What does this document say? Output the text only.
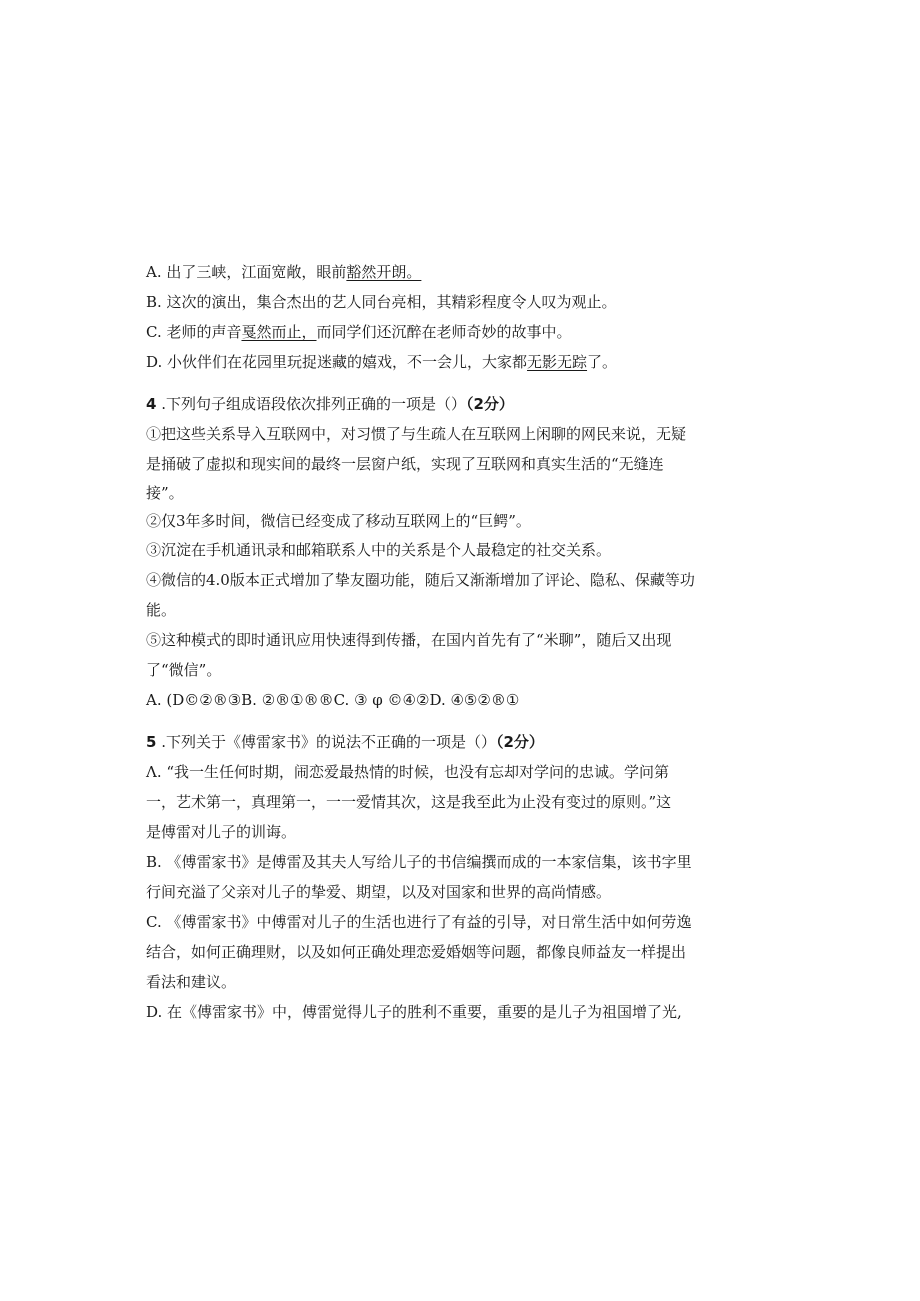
A. 出了三峡，江面宽敞，眼前豁然开朗。
B. 这次的演出，集合杰出的艺人同台亮相，其精彩程度令人叹为观止。
C. 老师的声音戛然而止，而同学们还沉醉在老师奇妙的故事中。
D. 小伙伴们在花园里玩捉迷藏的嬉戏，不一会儿，大家都无影无踪了。
4 .下列句子组成语段依次排列正确的一项是（）（2分）
①把这些关系导入互联网中，对习惯了与生疏人在互联网上闲聊的网民来说，无疑
是捅破了虚拟和现实间的最终一层窗户纸，实现了互联网和真实生活的“无缝连
接”。
②仅3年多时间，微信已经变成了移动互联网上的“巨鳄”。
③沉淀在手机通讯录和邮箱联系人中的关系是个人最稳定的社交关系。
④微信的4.0版本正式增加了挚友圈功能，随后又渐渐增加了评论、隐私、保藏等功
能。
⑤这种模式的即时通讯应用快速得到传播，在国内首先有了“米聊”，随后又出现
了“微信”。
A. (D©②®③B. ②®①®®C. ③ φ ©④②D. ④⑤②®①
5 .下列关于《傅雷家书》的说法不正确的一项是（）（2分）
Λ. “我一生任何时期，闹恋爱最热情的时候，也没有忘却对学问的忠诚。学问第
一，艺术第一，真理第一，一一爱情其次，这是我至此为止没有变过的原则。”这
是傅雷对儿子的训诲。
B. 《傅雷家书》是傅雷及其夫人写给儿子的书信编撰而成的一本家信集，该书字里
行间充溢了父亲对儿子的挚爱、期望，以及对国家和世界的高尚情感。
C. 《傅雷家书》中傅雷对儿子的生活也进行了有益的引导，对日常生活中如何劳逸
结合，如何正确理财，以及如何正确处理恋爱婚姻等问题，都像良师益友一样提出
看法和建议。
D. 在《傅雷家书》中，傅雷觉得儿子的胜利不重要，重要的是儿子为祖国增了光,
